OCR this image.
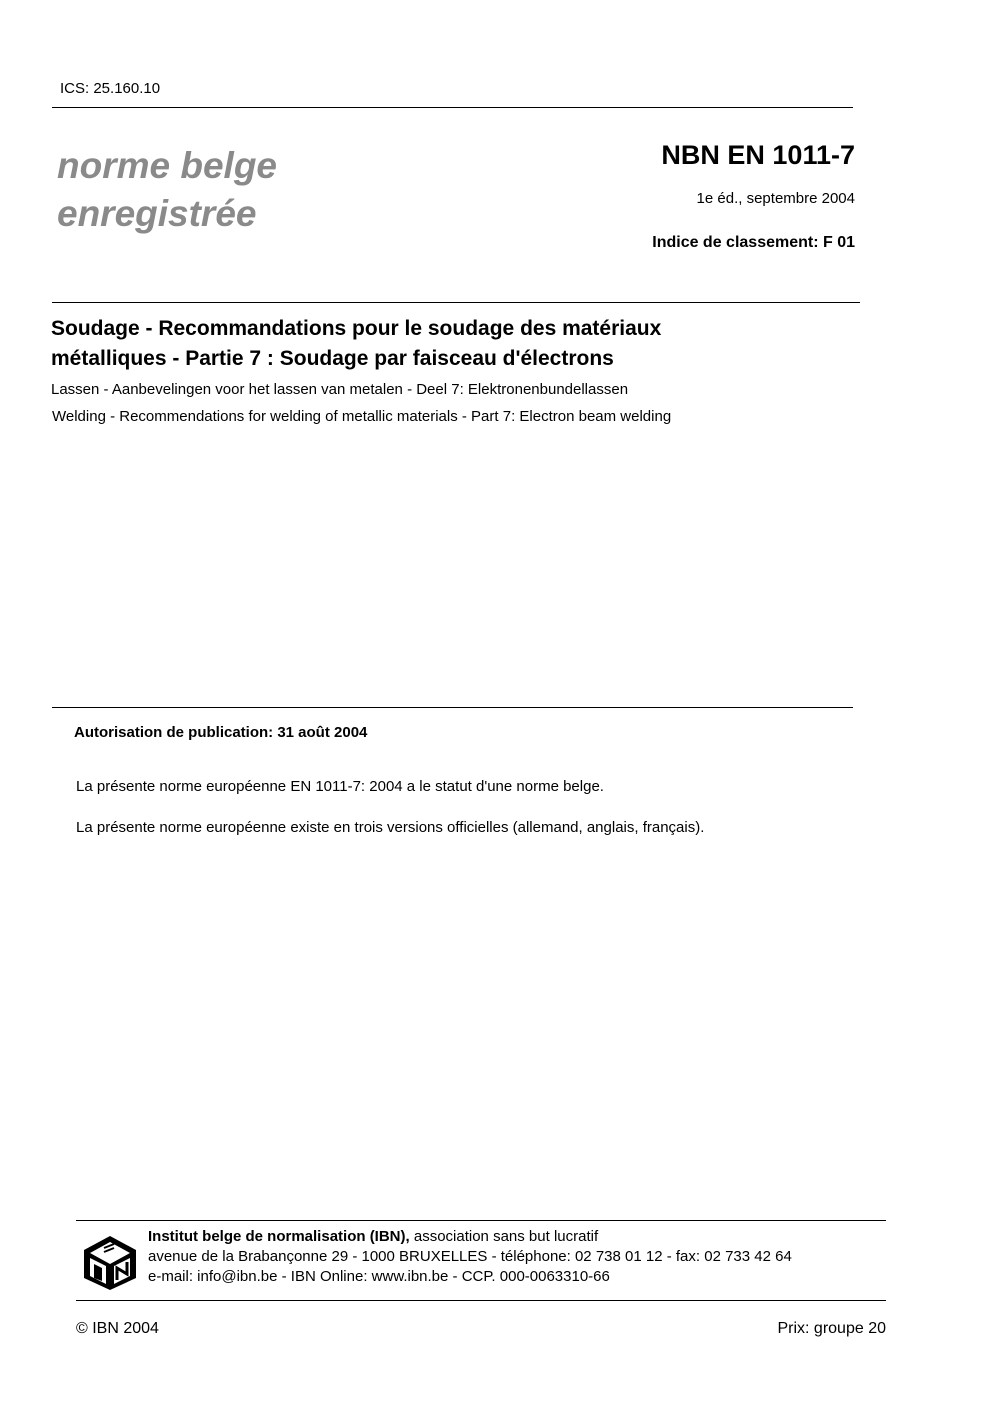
ICS: 25.160.10
norme belge
enregistrée
NBN EN 1011-7
1e éd., septembre 2004
Indice de classement: F 01
Soudage - Recommandations pour le soudage des matériaux
métalliques - Partie 7 : Soudage par faisceau d'électrons
Lassen - Aanbevelingen voor het lassen van metalen - Deel 7: Elektronenbundellassen
Welding - Recommendations for welding of metallic materials - Part 7: Electron beam welding
Autorisation de publication: 31 août 2004
La présente norme européenne EN 1011-7: 2004 a le statut d'une norme belge.
La présente norme européenne existe en trois versions officielles (allemand, anglais, français).
Institut belge de normalisation (IBN), association sans but lucratif
avenue de la Brabançonne 29 - 1000 BRUXELLES - téléphone: 02 738 01 12 - fax: 02 733 42 64
e-mail: info@ibn.be - IBN Online: www.ibn.be - CCP. 000-0063310-66
© IBN 2004	Prix: groupe 20
